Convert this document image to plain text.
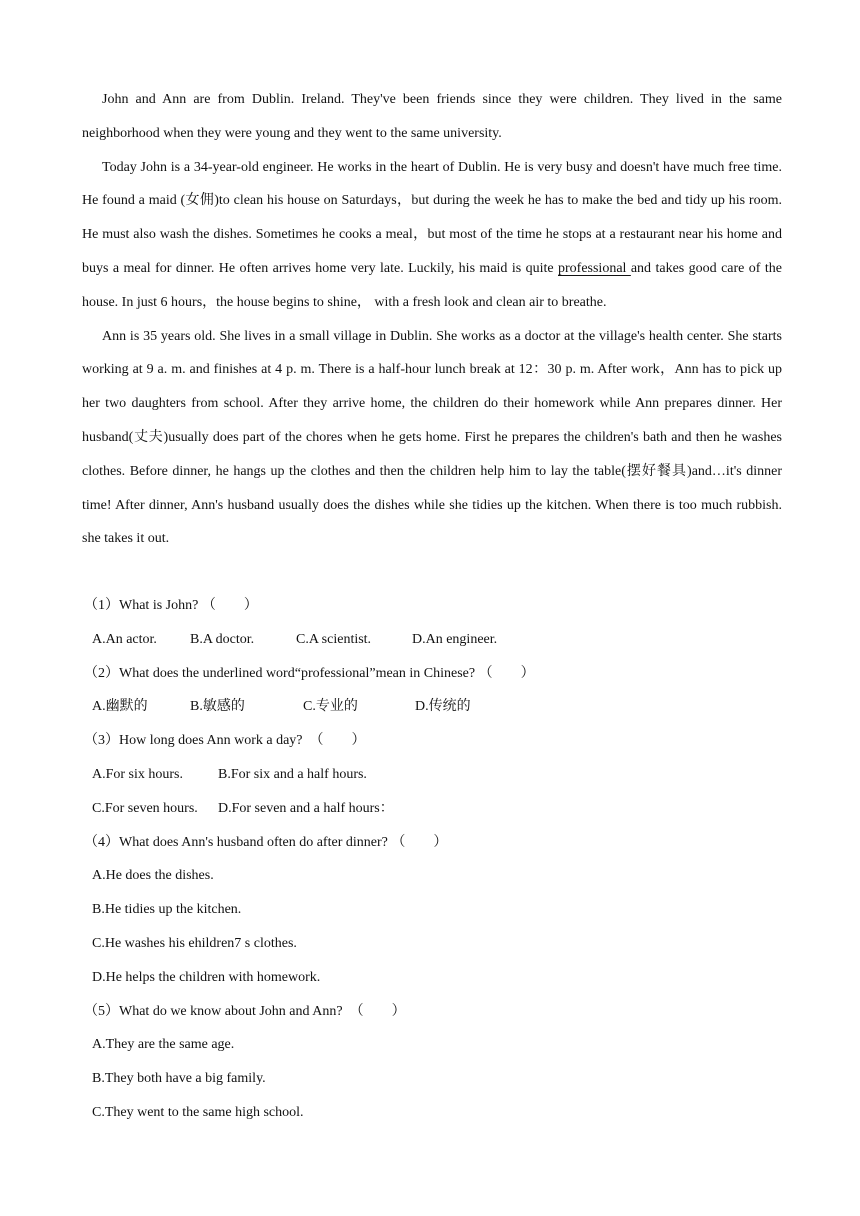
John and Ann are from Dublin. Ireland. They've been friends since they were children. They lived in the same neighborhood when they were young and they went to the same university.

Today John is a 34-year-old engineer. He works in the heart of Dublin. He is very busy and doesn't have much free time. He found a maid (女佣)to clean his house on Saturdays，but during the week he has to make the bed and tidy up his room. He must also wash the dishes. Sometimes he cooks a meal，but most of the time he stops at a restaurant near his home and buys a meal for dinner. He often arrives home very late. Luckily, his maid is quite professional and takes good care of the house. In just 6 hours，the house begins to shine， with a fresh look and clean air to breathe.

Ann is 35 years old. She lives in a small village in Dublin. She works as a doctor at the village's health center. She starts working at 9 a. m. and finishes at 4 p. m. There is a half-hour lunch break at 12：30 p. m. After work，Ann has to pick up her two daughters from school. After they arrive home, the children do their homework while Ann prepares dinner. Her husband(丈夫)usually does part of the chores when he gets home. First he prepares the children's bath and then he washes clothes. Before dinner, he hangs up the clothes and then the children help him to lay the table(摆好餐具)and…it's dinner time! After dinner, Ann's husband usually does the dishes while she tidies up the kitchen. When there is too much rubbish. she takes it out.

（1）What is John? （　　）

A.An actor.	B.A doctor.	C.A scientist.	D.An engineer.

（2）What does the underlined word“professional”mean in Chinese? （　　）

A.幽默的	B.敏感的	C.专业的	D.传统的

（3）How long does Ann work a day?　（　　）

A.For six hours.	B.For six and a half hours.
C.For seven hours.	D.For seven and a half hours：

（4）What does Ann's husband often do after dinner? （　　）

A.He does the dishes.

B.He tidies up the kitchen.

C.He washes his ehildren7 s clothes.

D.He helps the children with homework.

（5）What do we know about John and Ann?　（　　）

A.They are the same age.

B.They both have a big family.

C.They went to the same high school.
